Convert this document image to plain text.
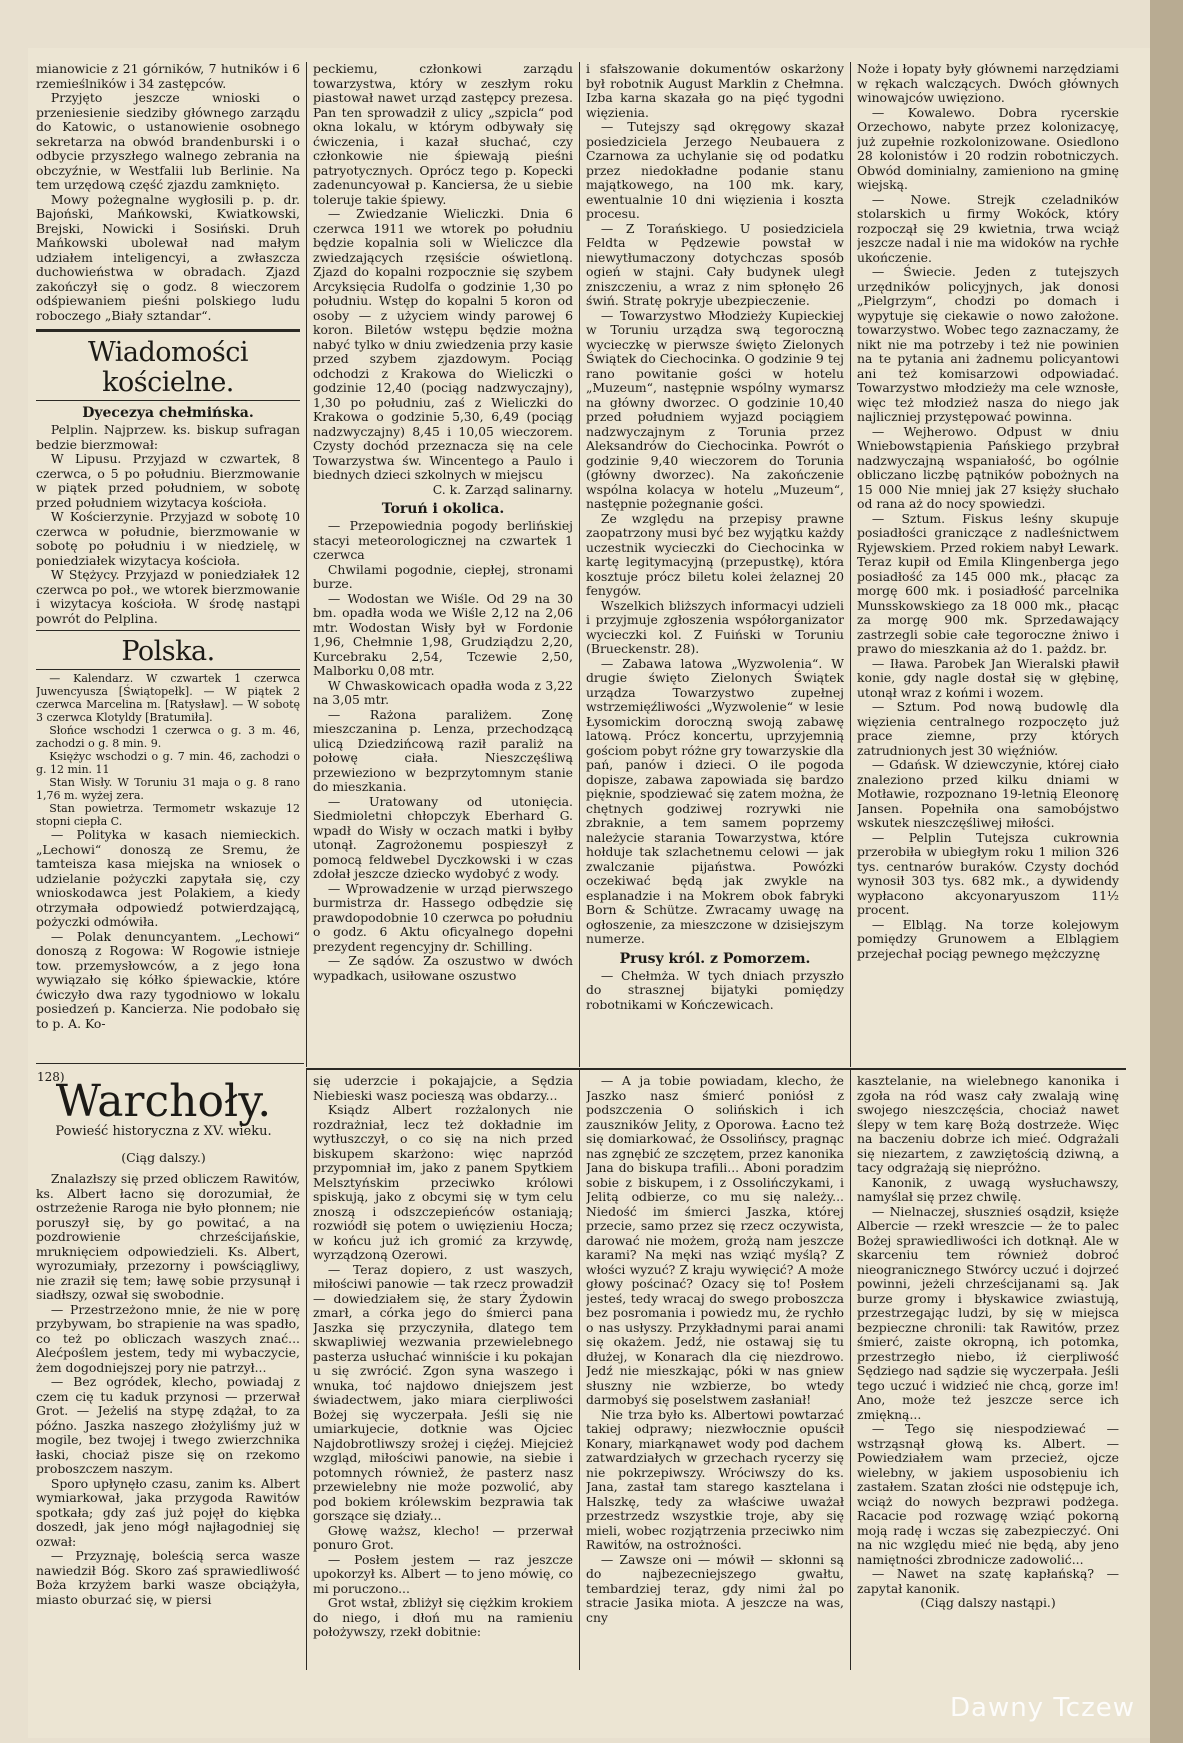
mianowicie z 21 górników, 7 hutników i 6 rzemieślników i 34 zastępców.

Przyjęto jeszcze wnioski o przeniesienie siedziby głównego zarządu do Katowic, o ustanowienie osobnego sekretarza na obwód brandenburski i o odbycie przyszłego walnego zebrania na obczyźnie, w Westfalii lub Berlinie. Na tem urzędową część zjazdu zamknięto.

Mowy pożegnalne wygłosili p. p. dr. Bajoński, Mańkowski, Kwiatkowski, Brejski, Nowicki i Sosiński. Druh Mańkowski ubolewał nad małym udziałem inteligencyi, a zwłaszcza duchowieństwa w obradach. Zjazd zakończył się o godz. 8 wieczorem odśpiewaniem pieśni polskiego ludu roboczego „Biały sztandar“.

Wiadomości kościelne.
Dyecezya chełmińska.

Pelplin. Najprzew. ks. biskup sufragan bedzie bierzmował:

W Lipusu. Przyjazd w czwartek, 8 czerwca, o 5 po południu. Bierzmowanie w piątek przed południem, w sobotę przed południem wizytacya kościoła.

W Kościerzynie. Przyjazd w sobotę 10 czerwca w południe, bierzmowanie w sobotę po południu i w niedzielę, w poniedziałek wizytacya kościoła.

W Stężycy. Przyjazd w poniedziałek 12 czerwca po poł., we wtorek bierzmowanie i wizytacya kościoła. W środę nastąpi powrót do Pelplina.

Polska.

— Kalendarz. W czwartek 1 czerwca Juwencyusza [Świątopełk]. — W piątek 2 czerwca Marcelina m. [Ratysław]. — W sobotę 3 czerwca Klotyldy [Bratumiła].

Słońce wschodzi 1 czerwca o g. 3 m. 46, zachodzi o g. 8 min. 9.

Księżyc wschodzi o g. 7 min. 46, zachodzi o g. 12 min. 11

Stan Wisły. W Toruniu 31 maja o g. 8 rano 1,76 m. wyżej zera.

Stan powietrza. Termometr wskazuje 12 stopni ciepła C.

— Polityka w kasach niemieckich. „Lechowi“ donoszą ze Sremu, że tamteisza kasa miejska na wniosek o udzielanie pożyczki zapytała się, czy wnioskodawca jest Polakiem, a kiedy otrzymała odpowiedź potwierdzającą, pożyczki odmówiła.

— Polak denuncyantem. „Lechowi“ donoszą z Rogowa: W Rogowie istnieje tow. przemysłowców, a z jego łona wywiązało się kółko śpiewackie, które ćwiczyło dwa razy tygodniowo w lokalu posiedzeń p. Kancierza. Nie podobało się to p. A. Ko-

peckiemu, członkowi zarządu towarzystwa, który w zeszłym roku piastował nawet urząd zastępcy prezesa. Pan ten sprowadził z ulicy „szpicla“ pod okna lokalu, w którym odbywały się ćwiczenia, i kazał słuchać, czy członkowie nie śpiewają pieśni patryotycznych. Oprócz tego p. Kopecki zadenuncyował p. Kanciersa, że u siebie toleruje takie śpiewy.

— Zwiedzanie Wieliczki. Dnia 6 czerwca 1911 we wtorek po południu będzie kopalnia soli w Wieliczce dla zwiedzających rzęsiście oświetloną. Zjazd do kopalni rozpocznie się szybem Arcyksięcia Rudolfa o godzinie 1,30 po południu. Wstęp do kopalni 5 koron od osoby — z użyciem windy parowej 6 koron. Biletów wstępu będzie można nabyć tylko w dniu zwiedzenia przy kasie przed szybem zjazdowym. Pociąg odchodzi z Krakowa do Wieliczki o godzinie 12,40 (pociąg nadzwyczajny), 1,30 po południu, zaś z Wieliczki do Krakowa o godzinie 5,30, 6,49 (pociąg nadzwyczajny) 8,45 i 10,05 wieczorem. Czysty dochód przeznacza się na cele Towarzystwa św. Wincentego a Paulo i biednych dzieci szkolnych w miejscu

C. k. Zarząd salinarny.

Toruń i okolica.

— Przepowiednia pogody berlińskiej stacyi meteorologicznej na czwartek 1 czerwca

Chwilami pogodnie, ciepłej, stronami burze.

— Wodostan we Wiśle. Od 29 na 30 bm. opadła woda we Wiśle 2,12 na 2,06 mtr. Wodostan Wisły był w Fordonie 1,96, Chełmnie 1,98, Grudziądzu 2,20, Kurcebraku 2,54, Tczewie 2,50, Malborku 0,08 mtr.

W Chwaskowicach opadła woda z 3,22 na 3,05 mtr.

— Rażona paraliżem. Zonę mieszczanina p. Lenza, przechodzącą ulicą Dziedzińcową raził paraliż na połowę ciała. Nieszczęśliwą przewieziono w bezprzytomnym stanie do mieszkania.

— Uratowany od utonięcia. Siedmioletni chłopczyk Eberhard G. wpadł do Wisły w oczach matki i byłby utonął. Zagrożonemu pospieszył z pomocą feldwebel Dyczkowski i w czas zdołał jeszcze dziecko wydobyć z wody.

— Wprowadzenie w urząd pierwszego burmistrza dr. Hassego odbędzie się prawdopodobnie 10 czerwca po południu o godz. 6 Aktu oficyalnego dopełni prezydent regencyjny dr. Schilling.

— Ze sądów. Za oszustwo w dwóch wypadkach, usiłowane oszustwo

i sfałszowanie dokumentów oskarżony był robotnik August Marklin z Chełmna. Izba karna skazała go na pięć tygodni więzienia.

— Tutejszy sąd okręgowy skazał posiedziciela Jerzego Neubauera z Czarnowa za uchylanie się od podatku przez niedokładne podanie stanu majątkowego, na 100 mk. kary, ewentualnie 10 dni więzienia i koszta procesu.

— Z Torańskiego. U posiedziciela Feldta w Pędzewie powstał w niewytłumaczony dotychczas sposób ogień w stajni. Cały budynek uległ zniszczeniu, a wraz z nim spłonęło 26 świń. Stratę pokryje ubezpieczenie.

— Towarzystwo Młodzieży Kupieckiej w Toruniu urządza swą tegoroczną wycieczkę w pierwsze święto Zielonych Świątek do Ciechocinka. O godzinie 9 tej rano powitanie gości w hotelu „Muzeum“, następnie wspólny wymarsz na główny dworzec. O godzinie 10,40 przed południem wyjazd pociągiem nadzwyczajnym z Torunia przez Aleksandrów do Ciechocinka. Powrót o godzinie 9,40 wieczorem do Torunia (główny dworzec). Na zakończenie wspólna kolacya w hotelu „Muzeum“, następnie pożegnanie gości.

Ze względu na przepisy prawne zaopatrzony musi być bez wyjątku każdy uczestnik wycieczki do Ciechocinka w kartę legitymacyjną (przepustkę), która kosztuje prócz biletu kolei żelaznej 20 fenygów.

Wszelkich bliższych informacyi udzieli i przyjmuje zgłoszenia współorganizator wycieczki kol. Z Fuiński w Toruniu (Brueckenstr. 28).

— Zabawa latowa „Wyzwolenia“. W drugie święto Zielonych Świątek urządza Towarzystwo zupełnej wstrzemięźliwości „Wyzwolenie“ w lesie Łysomickim doroczną swoją zabawę latową. Prócz koncertu, uprzyjemnią gościom pobyt różne gry towarzyskie dla pań, panów i dzieci. O ile pogoda dopisze, zabawa zapowiada się bardzo pięknie, spodziewać się zatem można, że chętnych godziwej rozrywki nie zbraknie, a tem samem poprzemy należycie starania Towarzystwa, które hołduje tak szlachetnemu celowi — jak zwalczanie pijaństwa. Powózki oczekiwać będą jak zwykle na esplanadzie i na Mokrem obok fabryki Born & Schütze. Zwracamy uwagę na ogłoszenie, za mieszczone w dzisiejszym numerze.

Prusy król. z Pomorzem.

— Chełmża. W tych dniach przyszło do strasznej bijatyki pomiędzy robotnikami w Kończewicach.

Noże i łopaty były głównemi narzędziami w rękach walczących. Dwóch głównych winowajców uwięziono.

— Kowalewo. Dobra rycerskie Orzechowo, nabyte przez kolonizacyę, już zupełnie rozkolonizowane. Osiedlono 28 kolonistów i 20 rodzin robotniczych. Obwód dominialny, zamieniono na gminę wiejską.

— Nowe. Strejk czeladników stolarskich u firmy Wokóck, który rozpoczął się 29 kwietnia, trwa wciąż jeszcze nadal i nie ma widoków na rychłe ukończenie.

— Świecie. Jeden z tutejszych urzędników policyjnych, jak donosi „Pielgrzym“, chodzi po domach i wypytuje się ciekawie o nowo założone. towarzystwo. Wobec tego zaznaczamy, że nikt nie ma potrzeby i też nie powinien na te pytania ani żadnemu policyantowi ani też komisarzowi odpowiadać. Towarzystwo młodzieży ma cele wznosłe, więc też młodzież nasza do niego jak najliczniej przystępować powinna.

— Wejherowo. Odpust w dniu Wniebowstąpienia Pańskiego przybrał nadzwyczajną wspaniałość, bo ogólnie obliczano liczbę pątników pobożnych na 15 000 Nie mniej jak 27 księży słuchało od rana aż do nocy spowiedzi.

— Sztum. Fiskus leśny skupuje posiadłości graniczące z nadleśnictwem Ryjewskiem. Przed rokiem nabył Lewark. Teraz kupił od Emila Klingenberga jego posiadłość za 145 000 mk., płacąc za morgę 600 mk. i posiadłość parcelnika Munsskowskiego za 18 000 mk., płacąc za morgę 900 mk. Sprzedawający zastrzegli sobie całe tegoroczne żniwo i prawo do mieszkania aż do 1. pażdz. br.

— Iława. Parobek Jan Wieralski pławił konie, gdy nagle dostał się w głębinę, utonął wraz z końmi i wozem.

— Sztum. Pod nową budowlę dla więzienia centralnego rozpoczęto już prace ziemne, przy których zatrudnionych jest 30 więźniów.

— Gdańsk. W dziewczynie, której ciało znaleziono przed kilku dniami w Motławie, rozpoznano 19-letnią Eleonorę Jansen. Popełniła ona samobójstwo wskutek nieszczęśliwej miłości.

— Pelplin Tutejsza cukrownia przerobiła w ubiegłym roku 1 milion 326 tys. centnarów buraków. Czysty dochód wynosił 303 tys. 682 mk., a dywidendy wypłacono akcyonaryuszom 11½ procent.

— Elbląg. Na torze kolejowym pomiędzy Grunowem a Elblągiem przejechał pociąg pewnego mężczyznę

128)
Warchoły.
Powieść historyczna z XV. wieku.
(Ciąg dalszy.)

Znalazłszy się przed obliczem Rawitów, ks. Albert łacno się dorozumiał, że ostrzeżenie Raroga nie było płonnem; nie poruszył się, by go powitać, a na pozdrowienie chrześcijańskie, mruknięciem odpowiedzieli. Ks. Albert, wyrozumiały, przezorny i powściągliwy, nie zraził się tem; ławę sobie przysunął i siadłszy, ozwał się swobodnie.

— Przestrzeżono mnie, że nie w porę przybywam, bo strapienie na was spadło, co też po obliczach waszych znać... Alećpoślem jestem, tedy mi wybaczycie, żem dogodniejszej pory nie patrzył...

— Bez ogródek, klecho, powiadaj z czem cię tu kaduk przynosi — przerwał Grot. — Jeżeliś na stypę zdążał, to za późno. Jaszka naszego złożyliśmy już w mogile, bez twojej i twego zwierzchnika łaski, chociaż pisze się on rzekomo proboszczem naszym.

Sporo upłynęło czasu, zanim ks. Albert wymiarkował, jaka przygoda Rawitów spotkała; gdy zaś już pojęł do kiębka doszedł, jak jeno mógł najłagodniej się ozwał:

— Przyznaję, boleścią serca wasze nawiedził Bóg. Skoro zaś sprawiedliwość Boża krzyżem barki wasze obciążyła, miasto oburzać się, w piersi

się uderzcie i pokajajcie, a Sędzia Niebieski wasz pocieszą was obdarzy...

Ksiądz Albert rozżalonych nie rozdrażniał, lecz też dokładnie im wytłuszczył, o co się na nich przed biskupem skarżono: więc naprzód przypomniał im, jako z panem Spytkiem Melsztyńskim przeciwko królowi spiskują, jako z obcymi się w tym celu znoszą i odszczepieńców ostaniają; rozwiódł się potem o uwięzieniu Hocza; w końcu już ich gromić za krzywdę, wyrządzoną Ozerowi.

— Teraz dopiero, z ust waszych, miłościwi panowie — tak rzecz prowadził — dowiedziałem się, że stary Żydowin zmarł, a córka jego do śmierci pana Jaszka się przyczyniła, dlatego tem skwapliwiej wezwania przewielebnego pasterza usłuchać winniście i ku pokajan u się zwrócić. Zgon syna waszego i wnuka, toć najdowo dniejszem jest świadectwem, jako miara cierpliwości Bożej się wyczerpała. Jeśli się nie umiarkujecie, dotknie was Ojciec Najdobrotliwszy srożej i cięźej. Miejcież wzgląd, miłościwi panowie, na siebie i potomnych równiež, że pasterz nasz przewielebny nie może pozwolić, aby pod bokiem królewskim bezprawia tak gorszące się działy...

Głowę waższ, klecho! — przerwał ponuro Grot.

— Posłem jestem — raz jeszcze upokorzył ks. Albert — to jeno mówię, co mi poruczono...

Grot wstał, zbliżył się ciężkim krokiem do niego, i dłoń mu na ramieniu położywszy, rzekł dobitnie:

— A ja tobie powiadam, klecho, że Jaszko nasz śmierć poniósł z podszczenia O solińskich i ich zauszników Jelity, z Oporowa. Łacno też się domiarkować, że Ossolińscy, pragnąc nas zgnębić ze szczętem, przez kanonika Jana do biskupa trafili... Aboni poradzim sobie z biskupem, i z Ossolińczykami, i Jelitą odbierze, co mu się należy... Niedość im śmierci Jaszka, której przecie, samo przez się rzecz oczywista, darować nie możem, grożą nam jeszcze karami? Na męki nas wziąć myślą? Z włości wyzuć? Z kraju wywięcić? A może głowy pościnać? Ozacy się to! Posłem jesteś, tedy wracaj do swego proboszcza bez posromania i powiedz mu, że rychło o nas usłyszy. Przykładnymi parai anami się okażem. Jedź, nie ostawaj się tu dłużej, w Konarach dla cię niezdrowo. Jedź nie mieszkając, póki w nas gniew słuszny nie wzbierze, bo wtedy darmobyś się poselstwem zasłaniał!

Nie trza było ks. Albertowi powtarzać takiej odprawy; niezwłocznie opuścił Konary, miarkąnawet wody pod dachem zatwardziałych w grzechach rycerzy się nie pokrzepiwszy. Wróciwszy do ks. Jana, zastał tam starego kasztelana i Halszkę, tedy za właściwe uważał przestrzedz wszystkie troje, aby się mieli, wobec rozjątrzenia przeciwko nim Rawitów, na ostrożności.

— Zawsze oni — mówił — skłonni są do najbezecniejszego gwałtu, tembardziej teraz, gdy nimi żal po stracie Jasika miota. A jeszcze na was, cny

kasztelanie, na wielebnego kanonika i zgoła na ród wasz cały zwalają winę swojego nieszczęścia, chociaż nawet ślepy w tem karę Bożą dostrzeże. Więc na baczeniu dobrze ich mieć. Odgrażali się niezartem, z zawziętością dziwną, a tacy odgrażają się niepróżno.

Kanonik, z uwagą wysłuchawszy, namyślał się przez chwilę.

— Nielnaczej, słusznieś osądził, księże Albercie — rzekł wreszcie — że to palec Bożej sprawiedliwości ich dotknął. Ale w skarceniu tem również dobroć nieogranicznego Stwórcy uczuć i dojrzeć powinni, jeżeli chrześcijanami są. Jak burze gromy i błyskawice zwiastują, przestrzegając ludzi, by się w miejsca bezpieczne chronili: tak Rawitów, przez śmierć, zaiste okropną, ich potomka, przestrzegło niebo, iż cierpliwość Sędziego nad sądzie się wyczerpała. Jeśli tego uczuć i widzieć nie chcą, gorze im! Ano, może też jeszcze serce ich zmiękną...

— Tego się niespodziewać — wstrząsnął głową ks. Albert. — Powiedziałem wam przecież, ojcze wielebny, w jakiem usposobieniu ich zastałem. Szatan złości nie odstępuje ich, wciąż do nowych bezprawi podżega. Racacie pod rozwagę wziąć pokorną moją radę i wczas się zabezpieczyć. Oni na nic względu mieć nie będą, aby jeno namiętności zbrodnicze zadowolić...

— Nawet na szatę kapłańską? — zapytał kanonik.

(Ciąg dalszy nastąpi.)

Dawny Tczew
